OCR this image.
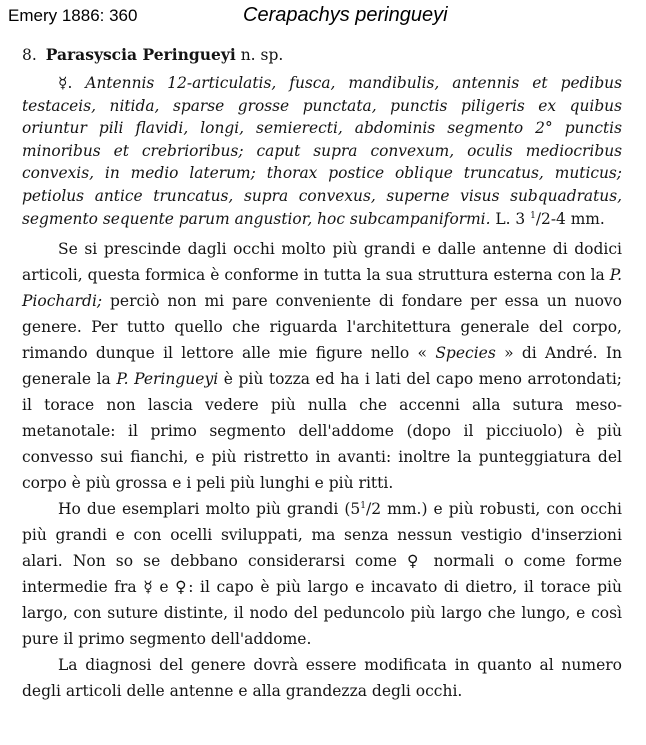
Emery 1886: 360	Cerapachys peringueyi
8. Parasyscia Peringueyi n. sp.

☿. Antennis 12-articulatis, fusca, mandibulis, antennis et pedibus testaceis, nitida, sparse grosse punctata, punctis piligeris ex quibus oriuntur pili flavidi, longi, semierecti, abdominis segmento 2° punctis minoribus et crebrioribus; caput supra convexum, oculis mediocribus convexis, in medio laterum; thorax postice oblique truncatus, muticus; petiolus antice truncatus, supra convexus, superne visus subquadratus, segmento sequente parum angustior, hoc subcampaniformi. L. 3 $^1$/2-4 mm.

Se si prescinde dagli occhi molto più grandi e dalle antenne di dodici articoli, questa formica è conforme in tutta la sua struttura esterna con la P. Piochardi; perciò non mi pare conveniente di fondare per essa un nuovo genere. Per tutto quello che riguarda l'architettura generale del corpo, rimando dunque il lettore alle mie figure nello « Species » di André. In generale la P. Peringueyi è più tozza ed ha i lati del capo meno arrotondati; il torace non lascia vedere più nulla che accenni alla sutura meso-metanotale: il primo segmento dell'addome (dopo il picciuolo) è più convesso sui fianchi, e più ristretto in avanti: inoltre la punteggiatura del corpo è più grossa e i peli più lunghi e più ritti.

Ho due esemplari molto più grandi ($5^1/2$ mm.) e più robusti, con occhi più grandi e con ocelli sviluppati, ma senza nessun vestigio d'inserzioni alari. Non so se debbano considerarsi come ♀ normali o come forme intermedie fra ☿ e ♀: il capo è più largo e incavato di dietro, il torace più largo, con suture distinte, il nodo del peduncolo più largo che lungo, e così pure il primo segmento dell'addome.

La diagnosi del genere dovrà essere modificata in quanto al numero degli articoli delle antenne e alla grandezza degli occhi.
